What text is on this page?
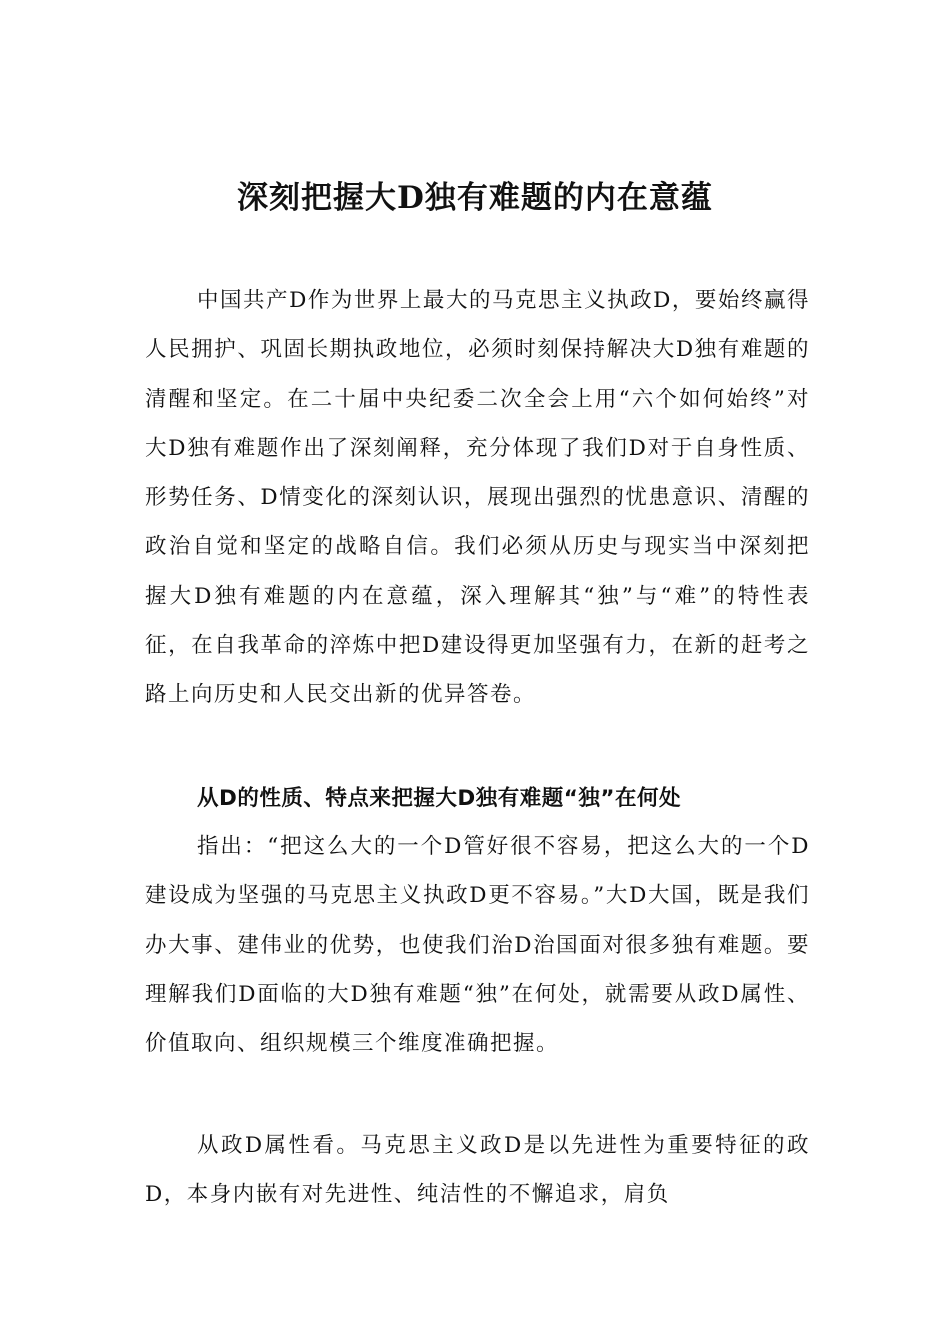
深刻把握大D独有难题的内在意蕴

中国共产D作为世界上最大的马克思主义执政D，要始终赢得人民拥护、巩固长期执政地位，必须时刻保持解决大D独有难题的清醒和坚定。在二十届中央纪委二次全会上用“六个如何始终”对大D独有难题作出了深刻阐释，充分体现了我们D对于自身性质、形势任务、D情变化的深刻认识，展现出强烈的忧患意识、清醒的政治自觉和坚定的战略自信。我们必须从历史与现实当中深刻把握大D独有难题的内在意蕴，深入理解其“独”与“难”的特性表征，在自我革命的淬炼中把D建设得更加坚强有力，在新的赶考之路上向历史和人民交出新的优异答卷。

从D的性质、特点来把握大D独有难题“独”在何处

指出：“把这么大的一个D管好很不容易，把这么大的一个D建设成为坚强的马克思主义执政D更不容易。”大D大国，既是我们办大事、建伟业的优势，也使我们治D治国面对很多独有难题。要理解我们D面临的大D独有难题“独”在何处，就需要从政D属性、价值取向、组织规模三个维度准确把握。

从政D属性看。马克思主义政D是以先进性为重要特征的政D，本身内嵌有对先进性、纯洁性的不懈追求，肩负
